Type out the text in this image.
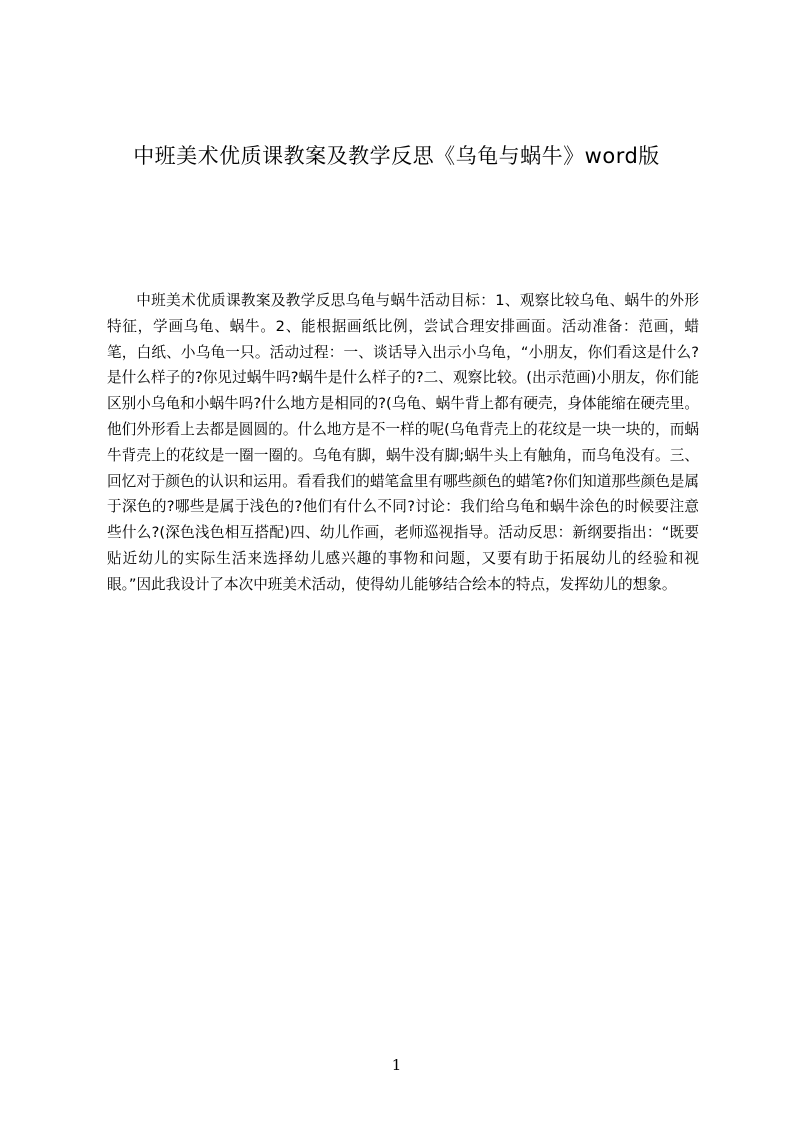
中班美术优质课教案及教学反思《乌龟与蜗牛》word版

中班美术优质课教案及教学反思乌龟与蜗牛活动目标：1、观察比较乌龟、蜗牛的外形特征，学画乌龟、蜗牛。2、能根据画纸比例，尝试合理安排画面。活动准备：范画，蜡笔，白纸、小乌龟一只。活动过程：一、谈话导入出示小乌龟，“小朋友，你们看这是什么?是什么样子的?你见过蜗牛吗?蜗牛是什么样子的?二、观察比较。(出示范画)小朋友，你们能区别小乌龟和小蜗牛吗?什么地方是相同的?(乌龟、蜗牛背上都有硬壳，身体能缩在硬壳里。他们外形看上去都是圆圆的。什么地方是不一样的呢(乌龟背壳上的花纹是一块一块的，而蜗牛背壳上的花纹是一圈一圈的。乌龟有脚，蜗牛没有脚;蜗牛头上有触角，而乌龟没有。三、回忆对于颜色的认识和运用。看看我们的蜡笔盒里有哪些颜色的蜡笔?你们知道那些颜色是属于深色的?哪些是属于浅色的?他们有什么不同?讨论：我们给乌龟和蜗牛涂色的时候要注意些什么?(深色浅色相互搭配)四、幼儿作画，老师巡视指导。活动反思：新纲要指出：“既要贴近幼儿的实际生活来选择幼儿感兴趣的事物和问题，又要有助于拓展幼儿的经验和视眼。”因此我设计了本次中班美术活动，使得幼儿能够结合绘本的特点，发挥幼儿的想象。

1
